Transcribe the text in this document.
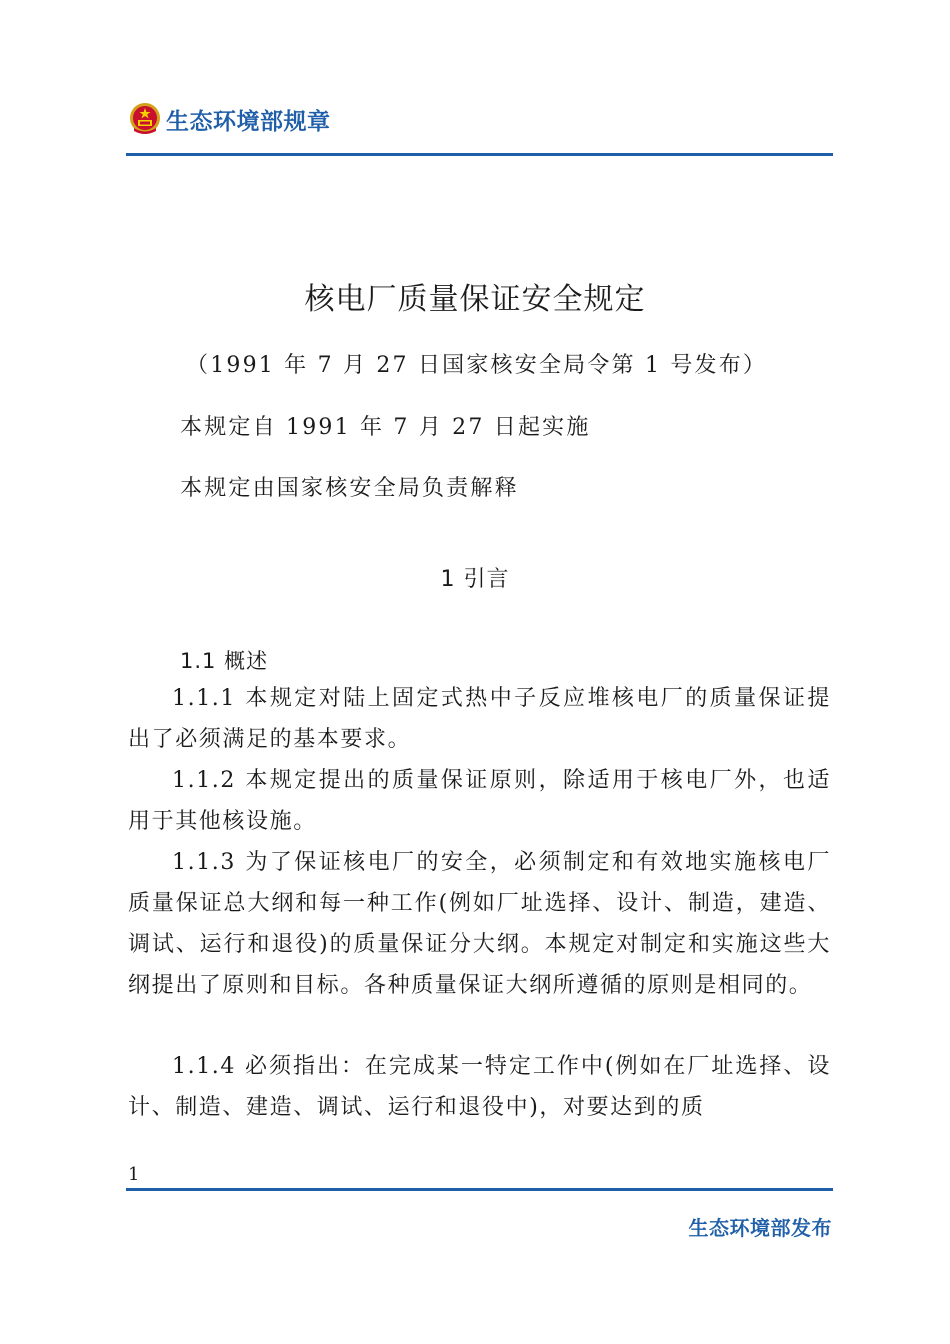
生态环境部规章
核电厂质量保证安全规定
（1991 年 7 月 27 日国家核安全局令第 1 号发布）
本规定自 1991 年 7 月 27 日起实施
本规定由国家核安全局负责解释
1 引言
1.1 概述

1.1.1 本规定对陆上固定式热中子反应堆核电厂的质量保证提出了必须满足的基本要求。

1.1.2 本规定提出的质量保证原则，除适用于核电厂外，也适用于其他核设施。

1.1.3 为了保证核电厂的安全，必须制定和有效地实施核电厂质量保证总大纲和每一种工作(例如厂址选择、设计、制造，建造、调试、运行和退役)的质量保证分大纲。本规定对制定和实施这些大纲提出了原则和目标。各种质量保证大纲所遵循的原则是相同的。

1.1.4 必须指出：在完成某一特定工作中(例如在厂址选择、设计、制造、建造、调试、运行和退役中)，对要达到的质

1
生态环境部发布
